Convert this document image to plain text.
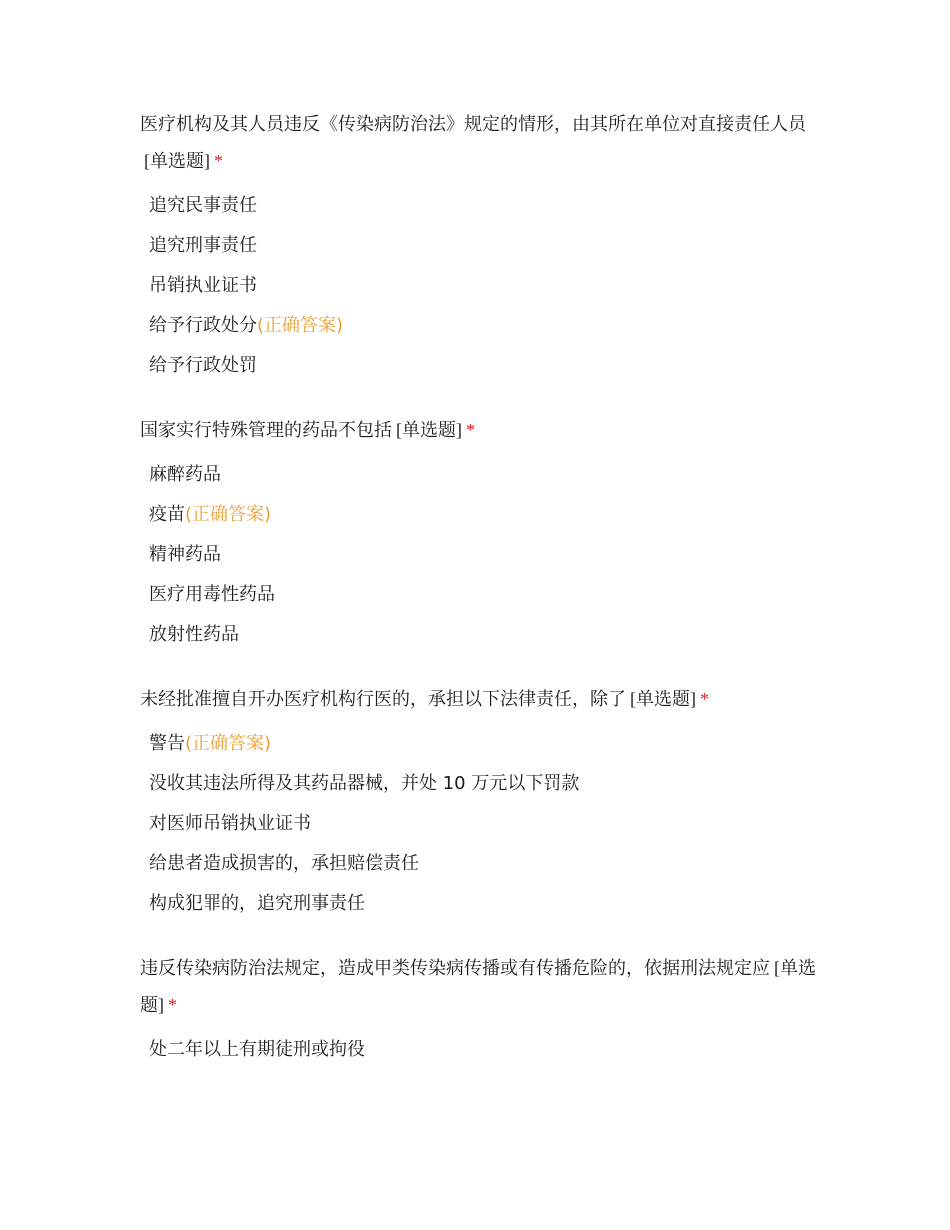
医疗机构及其人员违反《传染病防治法》规定的情形，由其所在单位对直接责任人员[单选题] *
追究民事责任
追究刑事责任
吊销执业证书
给予行政处分(正确答案)
给予行政处罚
国家实行特殊管理的药品不包括 [单选题] *
麻醉药品
疫苗(正确答案)
精神药品
医疗用毒性药品
放射性药品
未经批准擅自开办医疗机构行医的，承担以下法律责任，除了 [单选题] *
警告(正确答案)
没收其违法所得及其药品器械，并处 10 万元以下罚款
对医师吊销执业证书
给患者造成损害的，承担赔偿责任
构成犯罪的，追究刑事责任
违反传染病防治法规定，造成甲类传染病传播或有传播危险的，依据刑法规定应 [单选题] *
处二年以上有期徒刑或拘役
